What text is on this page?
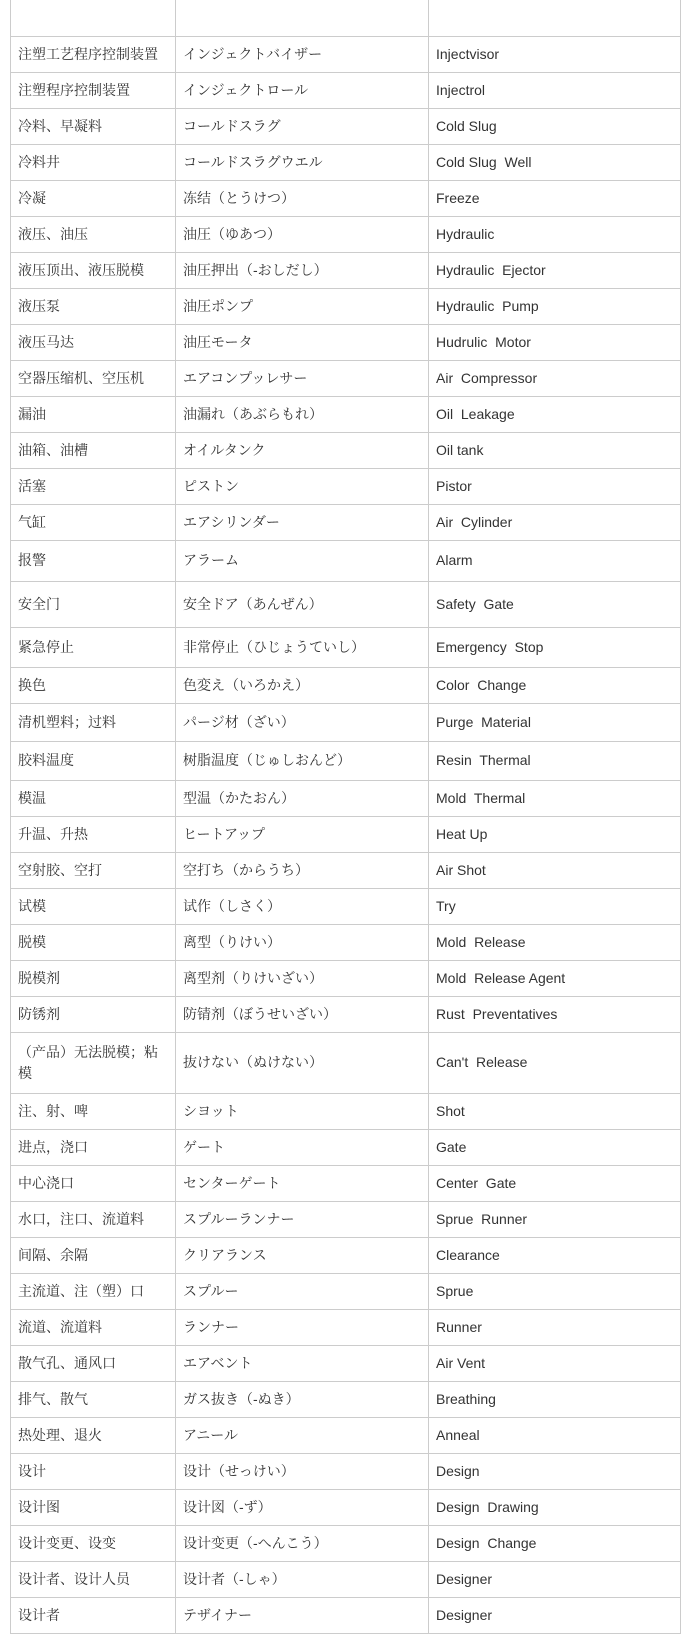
注塑工艺程序控制装置	インジェクトバイザー	Injectvisor
注塑程序控制装置	インジェクトロール	Injectrol
冷料、早凝料	コールドスラグ	Cold Slug
冷料井	コールドスラグウエル	Cold Slug  Well
冷凝	冻结（とうけつ）	Freeze
液压、油压	油圧（ゆあつ）	Hydraulic
液压顶出、液压脱模	油圧押出（-おしだし）	Hydraulic  Ejector
液压泵	油圧ポンプ	Hydraulic  Pump
液压马达	油圧モータ	Hudrulic  Motor
空器压缩机、空压机	エアコンプッレサー	Air  Compressor
漏油	油漏れ（あぶらもれ）	Oil  Leakage
油箱、油槽	オイルタンク	Oil tank
活塞	ピストン	Pistor
气缸	エアシリンダー	Air  Cylinder
报警	アラーム	Alarm
安全门	安全ドア（あんぜん）	Safety  Gate
紧急停止	非常停止（ひじょうていし）	Emergency  Stop
换色	色変え（いろかえ）	Color  Change
清机塑料；过料	パージ材（ざい）	Purge  Material
胶料温度	树脂温度（じゅしおんど）	Resin  Thermal
模温	型温（かたおん）	Mold  Thermal
升温、升热	ヒートアップ	Heat Up
空射胶、空打	空打ち（からうち）	Air Shot
试模	试作（しさく）	Try
脱模	离型（りけい）	Mold  Release
脱模剂	离型剂（りけいざい）	Mold  Release Agent
防锈剂	防锖剂（ぼうせいざい）	Rust  Preventatives
（产品）无法脱模；粘模	抜けない（ぬけない）	Can't  Release
注、射、啤	シヨット	Shot
进点，浇口	ゲート	Gate
中心浇口	センターゲート	Center  Gate
水口，注口、流道料	スプルーランナー	Sprue  Runner
间隔、余隔	クリアランス	Clearance
主流道、注（塑）口	スプルー	Sprue
流道、流道料	ランナー	Runner
散气孔、通风口	エアベント	Air Vent
排气、散气	ガス抜き（-ぬき）	Breathing
热处理、退火	アニール	Anneal
设计	设计（せっけい）	Design
设计图	设计図（-ず）	Design  Drawing
设计变更、设变	设计变更（-へんこう）	Design  Change
设计者、设计人员	设计者（-しゃ）	Designer
设计者	テザイナー	Designer
